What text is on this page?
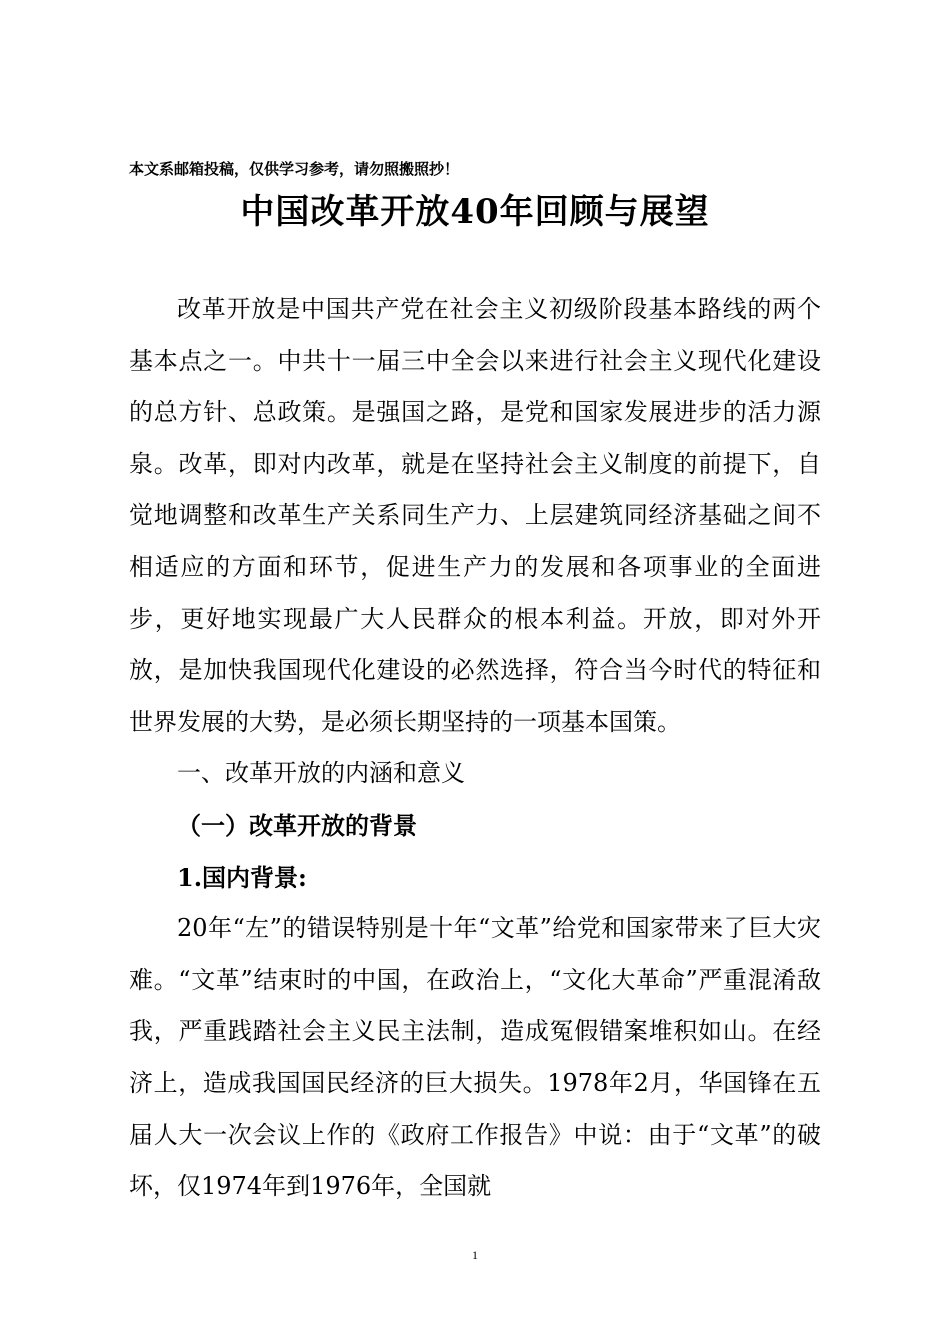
本文系邮箱投稿，仅供学习参考，请勿照搬照抄！
中国改革开放40年回顾与展望

改革开放是中国共产党在社会主义初级阶段基本路线的两个基本点之一。中共十一届三中全会以来进行社会主义现代化建设的总方针、总政策。是强国之路，是党和国家发展进步的活力源泉。改革，即对内改革，就是在坚持社会主义制度的前提下，自觉地调整和改革生产关系同生产力、上层建筑同经济基础之间不相适应的方面和环节，促进生产力的发展和各项事业的全面进步，更好地实现最广大人民群众的根本利益。开放，即对外开放，是加快我国现代化建设的必然选择，符合当今时代的特征和世界发展的大势，是必须长期坚持的一项基本国策。

一、改革开放的内涵和意义

（一）改革开放的背景

1.国内背景:

20年“左”的错误特别是十年“文革”给党和国家带来了巨大灾难。“文革”结束时的中国，在政治上，“文化大革命”严重混淆敌我，严重践踏社会主义民主法制，造成冤假错案堆积如山。在经济上，造成我国国民经济的巨大损失。1978年2月，华国锋在五届人大一次会议上作的《政府工作报告》中说：由于“文革”的破坏，仅1974年到1976年，全国就

1
